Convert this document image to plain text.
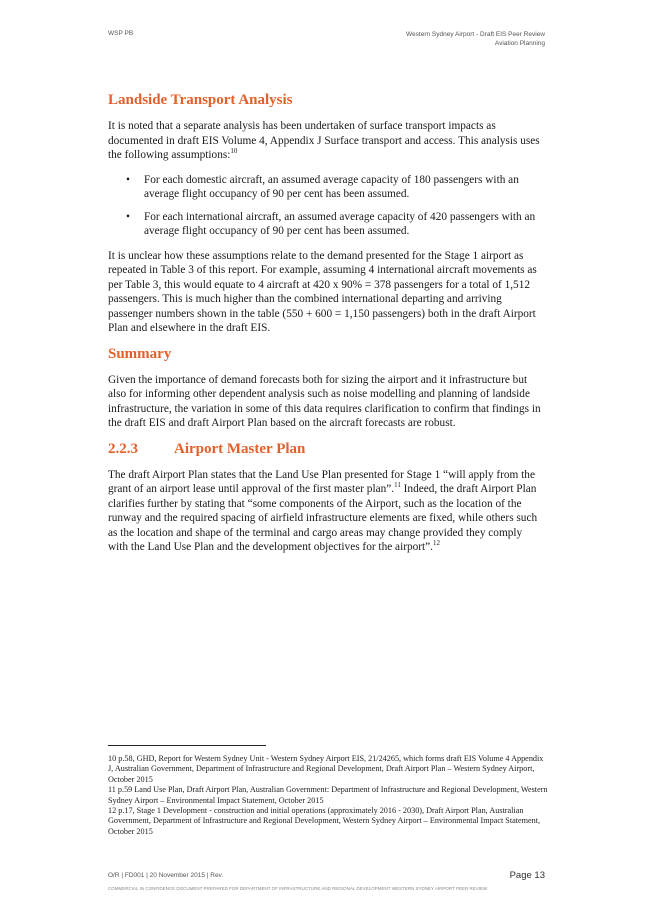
WSP PB	Western Sydney Airport - Draft EIS Peer Review
Aviation Planning
Landside Transport Analysis

It is noted that a separate analysis has been undertaken of surface transport impacts as documented in draft EIS Volume 4, Appendix J Surface transport and access. This analysis uses the following assumptions:$^{10}$

• For each domestic aircraft, an assumed average capacity of 180 passengers with an average flight occupancy of 90 per cent has been assumed.
• For each international aircraft, an assumed average capacity of 420 passengers with an average flight occupancy of 90 per cent has been assumed.

It is unclear how these assumptions relate to the demand presented for the Stage 1 airport as repeated in Table 3 of this report. For example, assuming 4 international aircraft movements as per Table 3, this would equate to 4 aircraft at 420 x 90% = 378 passengers for a total of 1,512 passengers. This is much higher than the combined international departing and arriving passenger numbers shown in the table (550 + 600 = 1,150 passengers) both in the draft Airport Plan and elsewhere in the draft EIS.

Summary

Given the importance of demand forecasts both for sizing the airport and it infrastructure but also for informing other dependent analysis such as noise modelling and planning of landside infrastructure, the variation in some of this data requires clarification to confirm that findings in the draft EIS and draft Airport Plan based on the aircraft forecasts are robust.

2.2.3	Airport Master Plan

The draft Airport Plan states that the Land Use Plan presented for Stage 1 “will apply from the grant of an airport lease until approval of the first master plan”.$^{11}$ Indeed, the draft Airport Plan clarifies further by stating that “some components of the Airport, such as the location of the runway and the required spacing of airfield infrastructure elements are fixed, while others such as the location and shape of the terminal and cargo areas may change provided they comply with the Land Use Plan and the development objectives for the airport”.$^{12}$

10 p.58, GHD, Report for Western Sydney Unit - Western Sydney Airport EIS, 21/24265, which forms draft EIS Volume 4 Appendix J, Australian Government, Department of Infrastructure and Regional Development, Draft Airport Plan – Western Sydney Airport, October 2015
11 p.59 Land Use Plan, Draft Airport Plan, Australian Government: Department of Infrastructure and Regional Development, Western Sydney Airport – Environmental Impact Statement, October 2015
12 p.17, Stage 1 Development - construction and initial operations (approximately 2016 - 2030), Draft Airport Plan, Australian Government, Department of Infrastructure and Regional Development, Western Sydney Airport – Environmental Impact Statement, October 2015
O/R | FD001 | 20 November 2015 | Rev.	Page 13
COMMERCIAL IN CONFIDENCE DOCUMENT PREPARED FOR DEPARTMENT OF INFRASTRUCTURE AND REGIONAL DEVELOPMENT WESTERN SYDNEY AIRPORT PEER REVIEW
